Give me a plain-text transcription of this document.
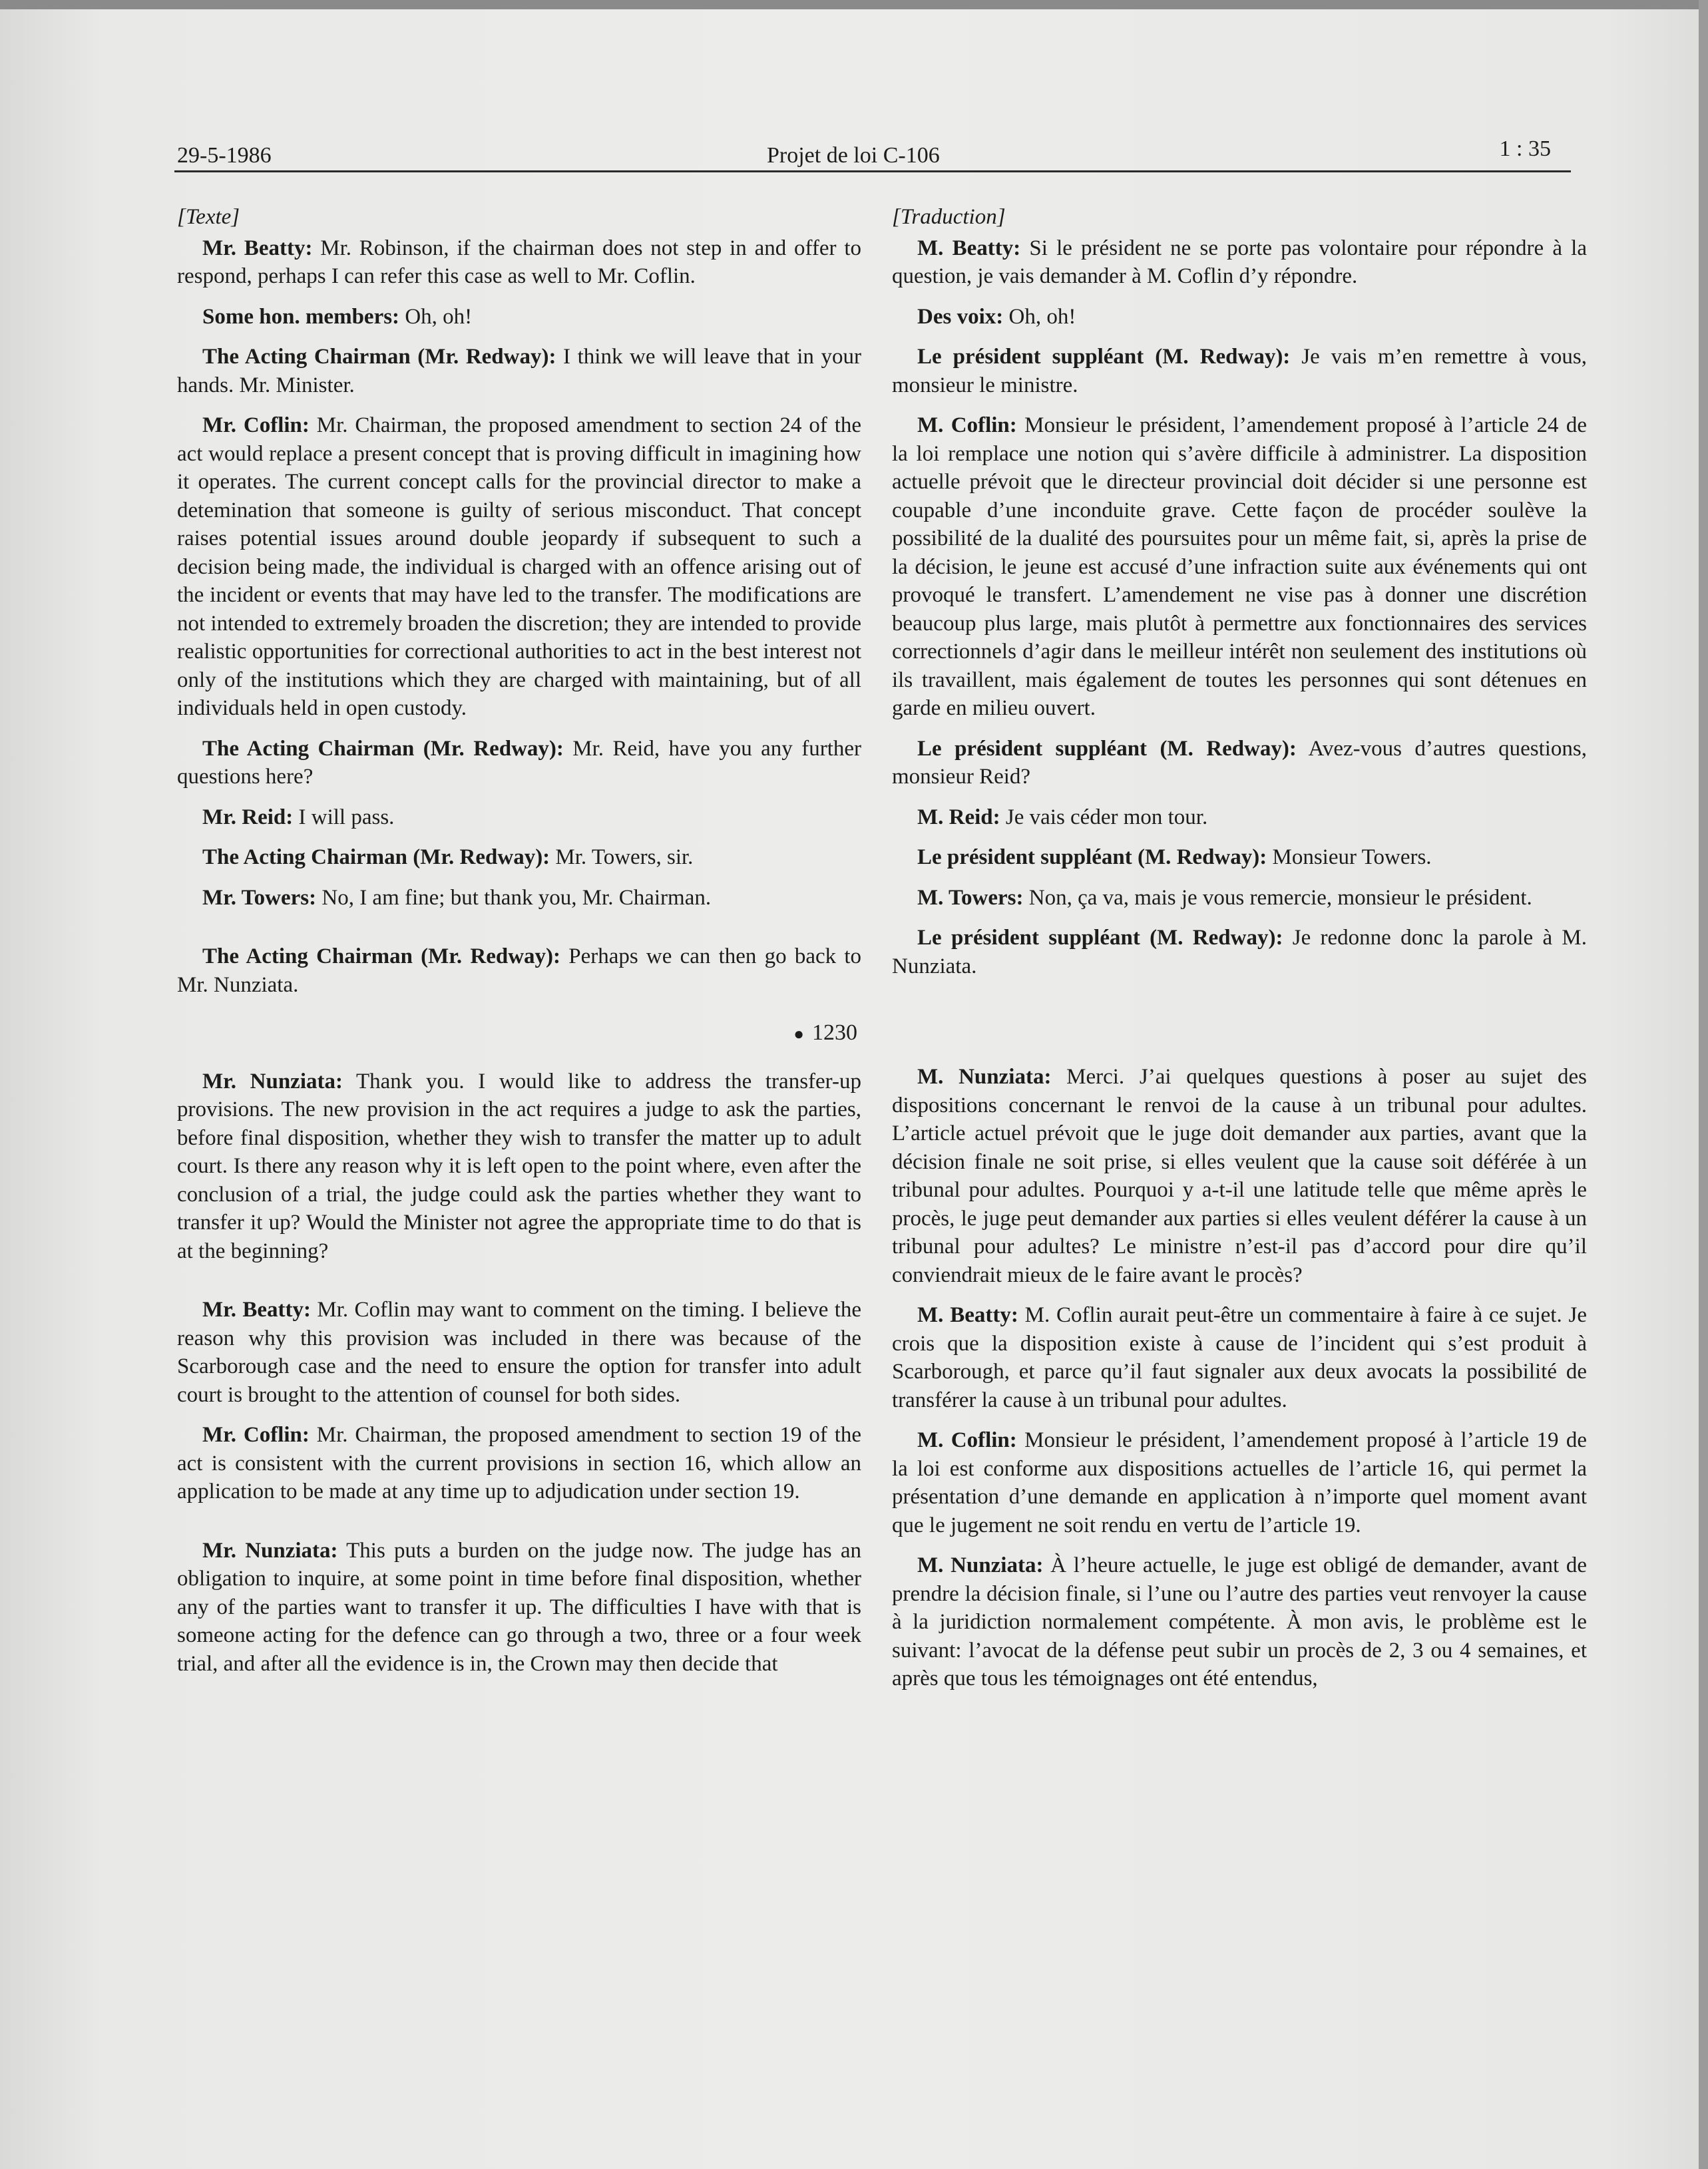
29-5-1986	Projet de loi C-106	1 : 35

[Texte]

Mr. Beatty: Mr. Robinson, if the chairman does not step in and offer to respond, perhaps I can refer this case as well to Mr. Coflin.

Some hon. members: Oh, oh!

The Acting Chairman (Mr. Redway): I think we will leave that in your hands. Mr. Minister.

Mr. Coflin: Mr. Chairman, the proposed amendment to section 24 of the act would replace a present concept that is proving difficult in imagining how it operates. The current concept calls for the provincial director to make a detemination that someone is guilty of serious misconduct. That concept raises potential issues around double jeopardy if subsequent to such a decision being made, the individual is charged with an offence arising out of the incident or events that may have led to the transfer. The modifications are not intended to extremely broaden the discretion; they are intended to provide realistic opportunities for correctional authorities to act in the best interest not only of the institutions which they are charged with maintaining, but of all individuals held in open custody.

The Acting Chairman (Mr. Redway): Mr. Reid, have you any further questions here?

Mr. Reid: I will pass.

The Acting Chairman (Mr. Redway): Mr. Towers, sir.

Mr. Towers: No, I am fine; but thank you, Mr. Chairman.

The Acting Chairman (Mr. Redway): Perhaps we can then go back to Mr. Nunziata.

● 1230

Mr. Nunziata: Thank you. I would like to address the transfer-up provisions. The new provision in the act requires a judge to ask the parties, before final disposition, whether they wish to transfer the matter up to adult court. Is there any reason why it is left open to the point where, even after the conclusion of a trial, the judge could ask the parties whether they want to transfer it up? Would the Minister not agree the appropriate time to do that is at the beginning?

Mr. Beatty: Mr. Coflin may want to comment on the timing. I believe the reason why this provision was included in there was because of the Scarborough case and the need to ensure the option for transfer into adult court is brought to the attention of counsel for both sides.

Mr. Coflin: Mr. Chairman, the proposed amendment to section 19 of the act is consistent with the current provisions in section 16, which allow an application to be made at any time up to adjudication under section 19.

Mr. Nunziata: This puts a burden on the judge now. The judge has an obligation to inquire, at some point in time before final disposition, whether any of the parties want to transfer it up. The difficulties I have with that is someone acting for the defence can go through a two, three or a four week trial, and after all the evidence is in, the Crown may then decide that

[Traduction]

M. Beatty: Si le président ne se porte pas volontaire pour répondre à la question, je vais demander à M. Coflin d’y répondre.

Des voix: Oh, oh!

Le président suppléant (M. Redway): Je vais m’en remettre à vous, monsieur le ministre.

M. Coflin: Monsieur le président, l’amendement proposé à l’article 24 de la loi remplace une notion qui s’avère difficile à administrer. La disposition actuelle prévoit que le directeur provincial doit décider si une personne est coupable d’une inconduite grave. Cette façon de procéder soulève la possibilité de la dualité des poursuites pour un même fait, si, après la prise de la décision, le jeune est accusé d’une infraction suite aux événements qui ont provoqué le transfert. L’amendement ne vise pas à donner une discrétion beaucoup plus large, mais plutôt à permettre aux fonctionnaires des services correctionnels d’agir dans le meilleur intérêt non seulement des institutions où ils travaillent, mais également de toutes les personnes qui sont détenues en garde en milieu ouvert.

Le président suppléant (M. Redway): Avez-vous d’autres questions, monsieur Reid?

M. Reid: Je vais céder mon tour.

Le président suppléant (M. Redway): Monsieur Towers.

M. Towers: Non, ça va, mais je vous remercie, monsieur le président.

Le président suppléant (M. Redway): Je redonne donc la parole à M. Nunziata.

M. Nunziata: Merci. J’ai quelques questions à poser au sujet des dispositions concernant le renvoi de la cause à un tribunal pour adultes. L’article actuel prévoit que le juge doit demander aux parties, avant que la décision finale ne soit prise, si elles veulent que la cause soit déférée à un tribunal pour adultes. Pourquoi y a-t-il une latitude telle que même après le procès, le juge peut demander aux parties si elles veulent déférer la cause à un tribunal pour adultes? Le ministre n’est-il pas d’accord pour dire qu’il conviendrait mieux de le faire avant le procès?

M. Beatty: M. Coflin aurait peut-être un commentaire à faire à ce sujet. Je crois que la disposition existe à cause de l’incident qui s’est produit à Scarborough, et parce qu’il faut signaler aux deux avocats la possibilité de transférer la cause à un tribunal pour adultes.

M. Coflin: Monsieur le président, l’amendement proposé à l’article 19 de la loi est conforme aux dispositions actuelles de l’article 16, qui permet la présentation d’une demande en application à n’importe quel moment avant que le jugement ne soit rendu en vertu de l’article 19.

M. Nunziata: À l’heure actuelle, le juge est obligé de demander, avant de prendre la décision finale, si l’une ou l’autre des parties veut renvoyer la cause à la juridiction normalement compétente. À mon avis, le problème est le suivant: l’avocat de la défense peut subir un procès de 2, 3 ou 4 semaines, et après que tous les témoignages ont été entendus,
